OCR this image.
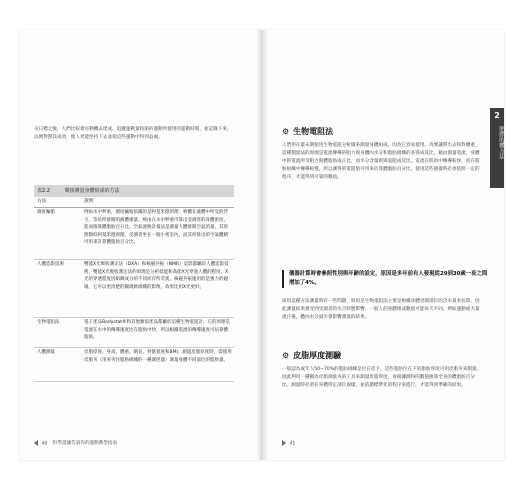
交日標之後，人們比較會有動機去達成。追蹤運動量和節約運動所使用的運動時間，並記錄下來，以便對照其成效，使人更能堅持下去並從這些運動中得到益處。
表2.2	間接測量身體組成的方法
方法	說明
測度輸脂	例如水中秤重，測度輸脂依據的是阿基米德原理：物體在液體中所受的浮力，等於所排開的液體重量。經由在水中秤重可算出受測者的身體密度，進而推算體脂肪百分比。空氣置換計量法是測量人體排開空氣的量，其原理類似阿基米德原理，受測者坐在一個小密室內，而其所排出的空氣體積可用來計算體脂肪百分比。
人體造影技術	雙能X光吸收測定法（DXA）和核磁共振（NMR）這影都屬於人體造影技術。雙能X光吸收測定法的原理是分析低能和高能X光穿過人體的程度，X光的穿透程度因組織成分的不同而有所差異，核磁共振運用的是強力的磁場，它可以更清楚的顯現軟組織的影像，效果比用X光更好。
生物電阻法	電子產品Bodystat®和其他類似產品都屬於這種生物電阻計，它的原理是電流在水中的傳導速度比在脂肪中快，所以根據電流的傳導速度可估算體脂肪。
人體測量	皮脂厚度、身高、體重、圍長、骨骼寬度和BMI，測量皮脂厚度時，需使用皮脂夾（用來夾住脂肪組織的一種測徑器）測量身體不同部位的脂肪量。
40 科學證據告訴你的運動教學指南
⚙ 生物電阻法
人們用在最末期使用生物電阻分析儀來測量身體組成，因為它容易使用。為要讓帶出去和對體重，這種測量法的原理是電流傳導的阻力與身體內水分和脂肪組織的多寡成反比。藉由測量電流，身體中的電流所受阻力與體脂肪成正比，而水分含量則與電阻成反比。電流在肌肉中傳導較快，而在脂肪組織中傳導較慢，所以測得的電阻值可用來估算體脂肪百分比。使用這些儀器時必須依照一定的程序，才能得到可靠的數值。
儀器計算時會參照性別與年齡的設定，原因是多年前有人發現從29到30歲一夜之間增加了4%。
採用這種方法測量時有一些問題，原因是生物電阻法主要是根據身體受測部位的含水量來估算，因此測量結果會受到受測者的水合狀態影響。一般人的身體組成數值可能每天不同，例如運動或大量流汗後，體內水分減少會影響測量的結果。
⚙ 皮脂厚度測驗
一般認為成年人50~70%的脂肪組織是位在皮下，這些脂肪位在下的脂肪厚度可用皮脂夾來測量。因此利用一種稱為皮脂測量夾的工具來測量皮脂厚度，再根據測得的數值換算全身的體脂肪百分比。測量時必須在身體特定部位取樣，並依循標準化的程序來進行，才能得到準確的結果。
2
肥胖的體方法
41
